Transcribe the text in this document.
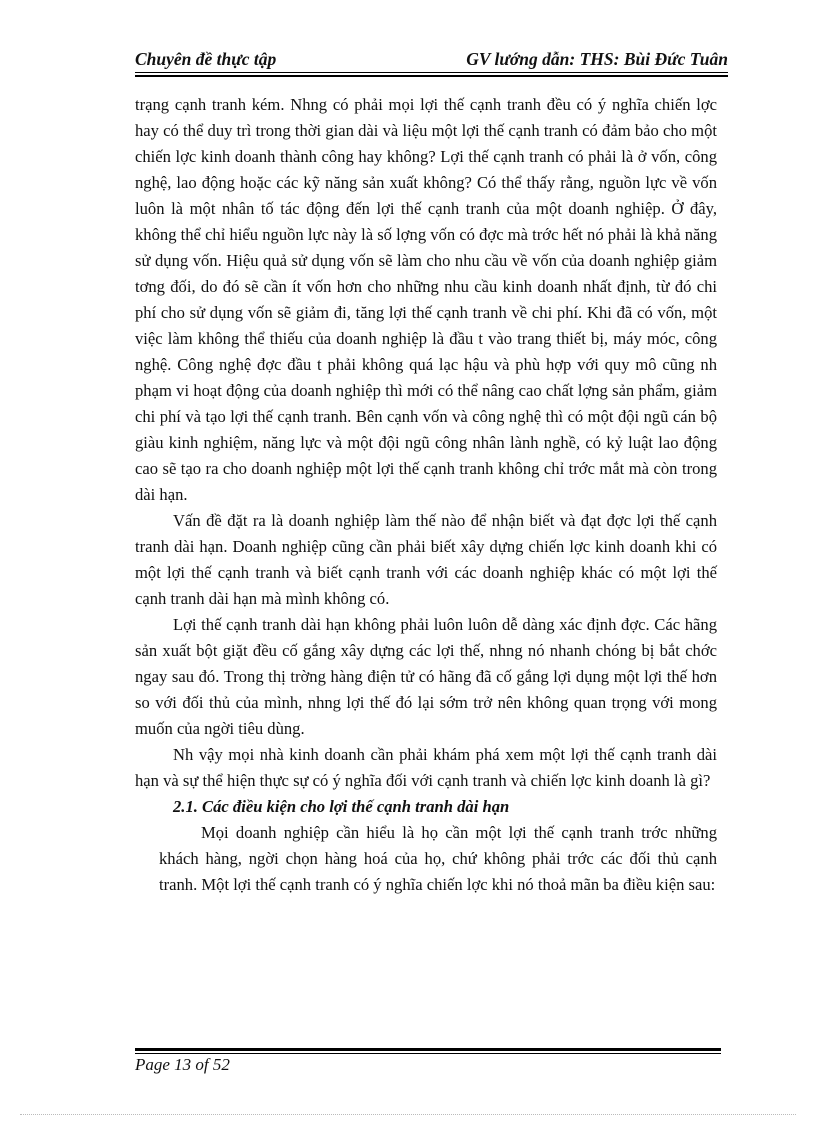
Chuyên đề thực tập	GV lướng dẫn: THS: Bùi Đức Tuân

trạng cạnh tranh kém. Nhng có phải mọi lợi thế cạnh tranh đều có ý nghĩa chiến lợc hay có thể duy trì trong thời gian dài và liệu một lợi thế cạnh tranh có đảm bảo cho một chiến lợc kinh doanh thành công hay không? Lợi thế cạnh tranh có phải là ở vốn, công nghệ, lao động hoặc các kỹ năng sản xuất không? Có thể thấy rằng, nguồn lực về vốn luôn là một nhân tố tác động đến lợi thế cạnh tranh của một doanh nghiệp. Ở đây, không thể chỉ hiểu nguồn lực này là số lợng vốn có đợc mà trớc hết nó phải là khả năng sử dụng vốn. Hiệu quả sử dụng vốn sẽ làm cho nhu cầu về vốn của doanh nghiệp giảm tơng đối, do đó sẽ cần ít vốn hơn cho những nhu cầu kinh doanh nhất định, từ đó chi phí cho sử dụng vốn sẽ giảm đi, tăng lợi thế cạnh tranh về chi phí. Khi đã có vốn, một việc làm không thể thiếu của doanh nghiệp là đầu t vào trang thiết bị, máy móc, công nghệ. Công nghệ đợc đầu t phải không quá lạc hậu và phù hợp với quy mô cũng nh phạm vi hoạt động của doanh nghiệp thì mới có thể nâng cao chất lợng sản phẩm, giảm chi phí và tạo lợi thế cạnh tranh. Bên cạnh vốn và công nghệ thì có một đội ngũ cán bộ giàu kinh nghiệm, năng lực và một đội ngũ công nhân lành nghề, có kỷ luật lao động cao sẽ tạo ra cho doanh nghiệp một lợi thế cạnh tranh không chỉ trớc mắt mà còn trong dài hạn.

Vấn đề đặt ra là doanh nghiệp làm thế nào để nhận biết và đạt đợc lợi thế cạnh tranh dài hạn. Doanh nghiệp cũng cần phải biết xây dựng chiến lợc kinh doanh khi có một lợi thế cạnh tranh và biết cạnh tranh với các doanh nghiệp khác có một lợi thế cạnh tranh dài hạn mà mình không có.

Lợi thế cạnh tranh dài hạn không phải luôn luôn dễ dàng xác định đợc. Các hãng sản xuất bột giặt đều cố gắng xây dựng các lợi thế, nhng nó nhanh chóng bị bắt chớc ngay sau đó. Trong thị trờng hàng điện tử có hãng đã cố gắng lợi dụng một lợi thế hơn so với đối thủ của mình, nhng lợi thế đó lại sớm trở nên không quan trọng với mong muốn của ngời tiêu dùng.

Nh vậy mọi nhà kinh doanh cần phải khám phá xem một lợi thế cạnh tranh dài hạn và sự thể hiện thực sự có ý nghĩa đối với cạnh tranh và chiến lợc kinh doanh là gì?

2.1. Các điều kiện cho lợi thế cạnh tranh dài hạn

Mọi doanh nghiệp cần hiểu là họ cần một lợi thế cạnh tranh trớc những khách hàng, ngời chọn hàng hoá của họ, chứ không phải trớc các đối thủ cạnh tranh. Một lợi thế cạnh tranh có ý nghĩa chiến lợc khi nó thoả mãn ba điều kiện sau:

Page 13 of 52
